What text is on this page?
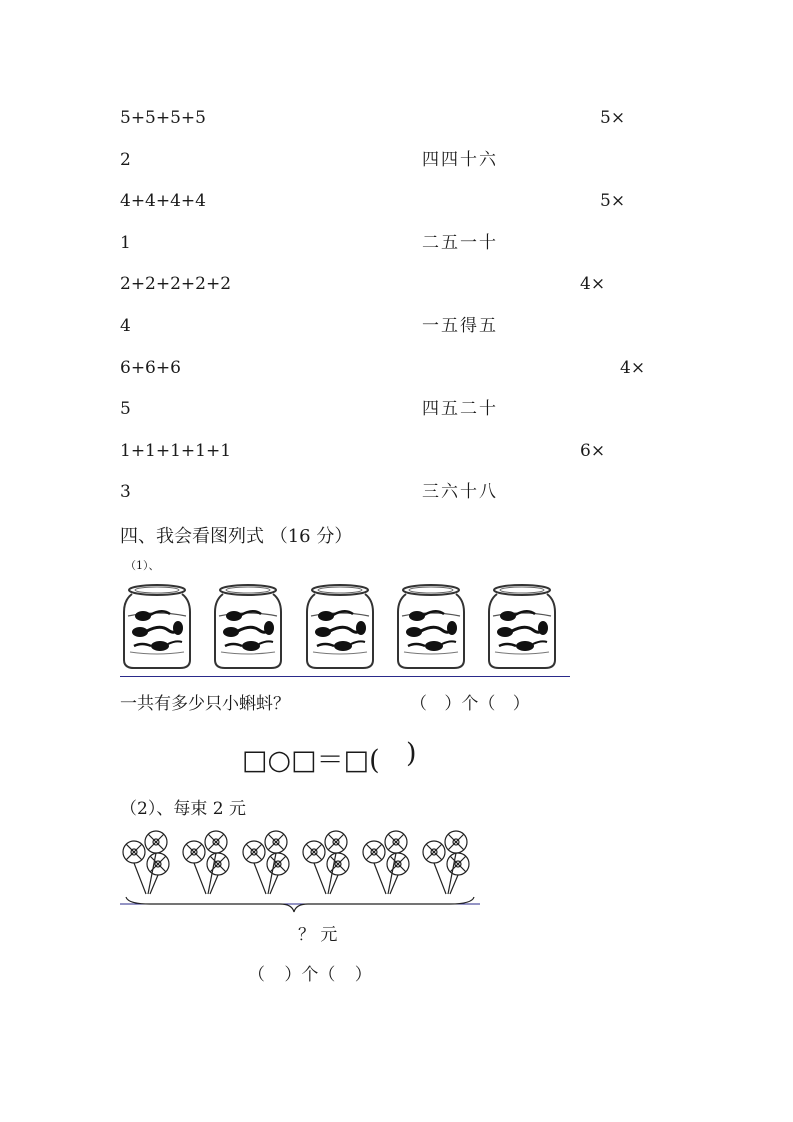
5+5+5+5	5×
2	四四十六
4+4+4+4	5×
1	二五一十
2+2+2+2+2	4×
4	一五得五
6+6+6	4×
5	四五二十
1+1+1+1+1	6×
3	三六十八
四、我会看图列式 （16 分）
（1）、
一共有多少只小蝌蚪？	（ ）个（ ）
□○□＝□( )
（2）、每束 2 元
？ 元
（ ）个（ ）
